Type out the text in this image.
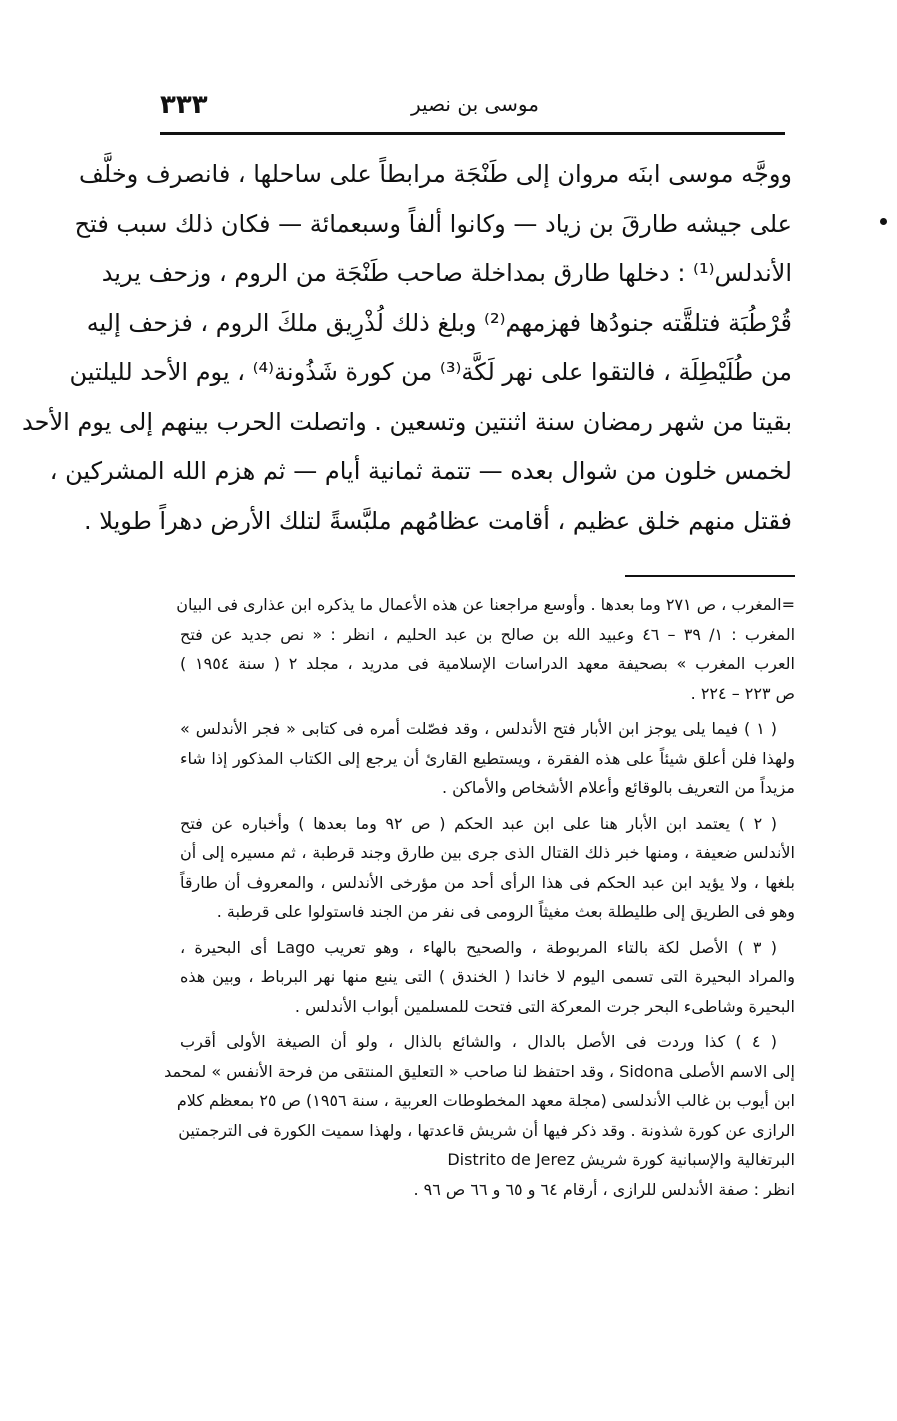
٣٣٣	موسى بن نصير
ووجَّه موسى ابنَه مروان إلى طَنْجَة مرابطاً على ساحلها ، فانصرف وخلَّف
على جيشه طارقَ بن زياد — وكانوا ألفاً وسبعمائة — فكان ذلك سبب فتح
الأندلس⁽¹⁾ : دخلها طارق بمداخلة صاحب طَنْجَة من الروم ، وزحف يريد
قُرْطُبَة فتلقَّته جنودُها فهزمهم⁽²⁾ وبلغ ذلك لُذْرِيق ملكَ الروم ، فزحف إليه
من طُلَيْطِلَة ، فالتقوا على نهر لَكَّة⁽³⁾ من كورة شَذُونة⁽⁴⁾ ، يوم الأحد لليلتين
بقيتا من شهر رمضان سنة اثنتين وتسعين . واتصلت الحرب بينهم إلى يوم الأحد
لخمس خلون من شوال بعده — تتمة ثمانية أيام — ثم هزم الله المشركين ،
فقتل منهم خلق عظيم ، أقامت عظامُهم ملبَّسةً لتلك الأرض دهراً طويلا .
=المغرب ، ص ٢٧١ وما بعدها . وأوسع مراجعنا عن هذه الأعمال ما يذكره ابن عذارى فى البيان
المغرب : ١/ ٣٩ – ٤٦ وعبيد الله بن صالح بن عبد الحليم ، انظر : « نص جديد عن فتح
العرب المغرب » بصحيفة معهد الدراسات الإسلامية فى مدريد ، مجلد ٢ ( سنة ١٩٥٤ )
ص ٢٢٣ – ٢٢٤ .
( ١ ) فيما يلى يوجز ابن الأبار فتح الأندلس ، وقد فصّلت أمره فى كتابى « فجر الأندلس »
ولهذا فلن أعلق شيئاً على هذه الفقرة ، ويستطيع القارئ أن يرجع إلى الكتاب المذكور إذا شاء
مزيداً من التعريف بالوقائع وأعلام الأشخاص والأماكن .
( ٢ ) يعتمد ابن الأبار هنا على ابن عبد الحكم ( ص ٩٢ وما بعدها ) وأخباره عن فتح
الأندلس ضعيفة ، ومنها خبر ذلك القتال الذى جرى بين طارق وجند قرطبة ، ثم مسيره إلى أن
بلغها ، ولا يؤيد ابن عبد الحكم فى هذا الرأى أحد من مؤرخى الأندلس ، والمعروف أن طارقاً
وهو فى الطريق إلى طليطلة بعث مغيثاً الرومى فى نفر من الجند فاستولوا على قرطبة .
( ٣ ) الأصل لكة بالتاء المربوطة ، والصحيح بالهاء ، وهو تعريب Lago أى البحيرة ،
والمراد البحيرة التى تسمى اليوم لا خاندا ( الخندق ) التى ينبع منها نهر البرباط ، وبين هذه
البحيرة وشاطىء البحر جرت المعركة التى فتحت للمسلمين أبواب الأندلس .
( ٤ ) كذا وردت فى الأصل بالدال ، والشائع بالذال ، ولو أن الصيغة الأولى أقرب
إلى الاسم الأصلى Sidona ، وقد احتفظ لنا صاحب « التعليق المنتقى من فرحة الأنفس » لمحمد
ابن أيوب بن غالب الأندلسى (مجلة معهد المخطوطات العربية ، سنة ١٩٥٦) ص ٢٥ بمعظم كلام
الرازى عن كورة شذونة . وقد ذكر فيها أن شريش قاعدتها ، ولهذا سميت الكورة فى الترجمتين
البرتغالية والإسبانية كورة شريش Distrito de Jerez
انظر : صفة الأندلس للرازى ، أرقام ٦٤ و ٦٥ و ٦٦ ص ٩٦ .
